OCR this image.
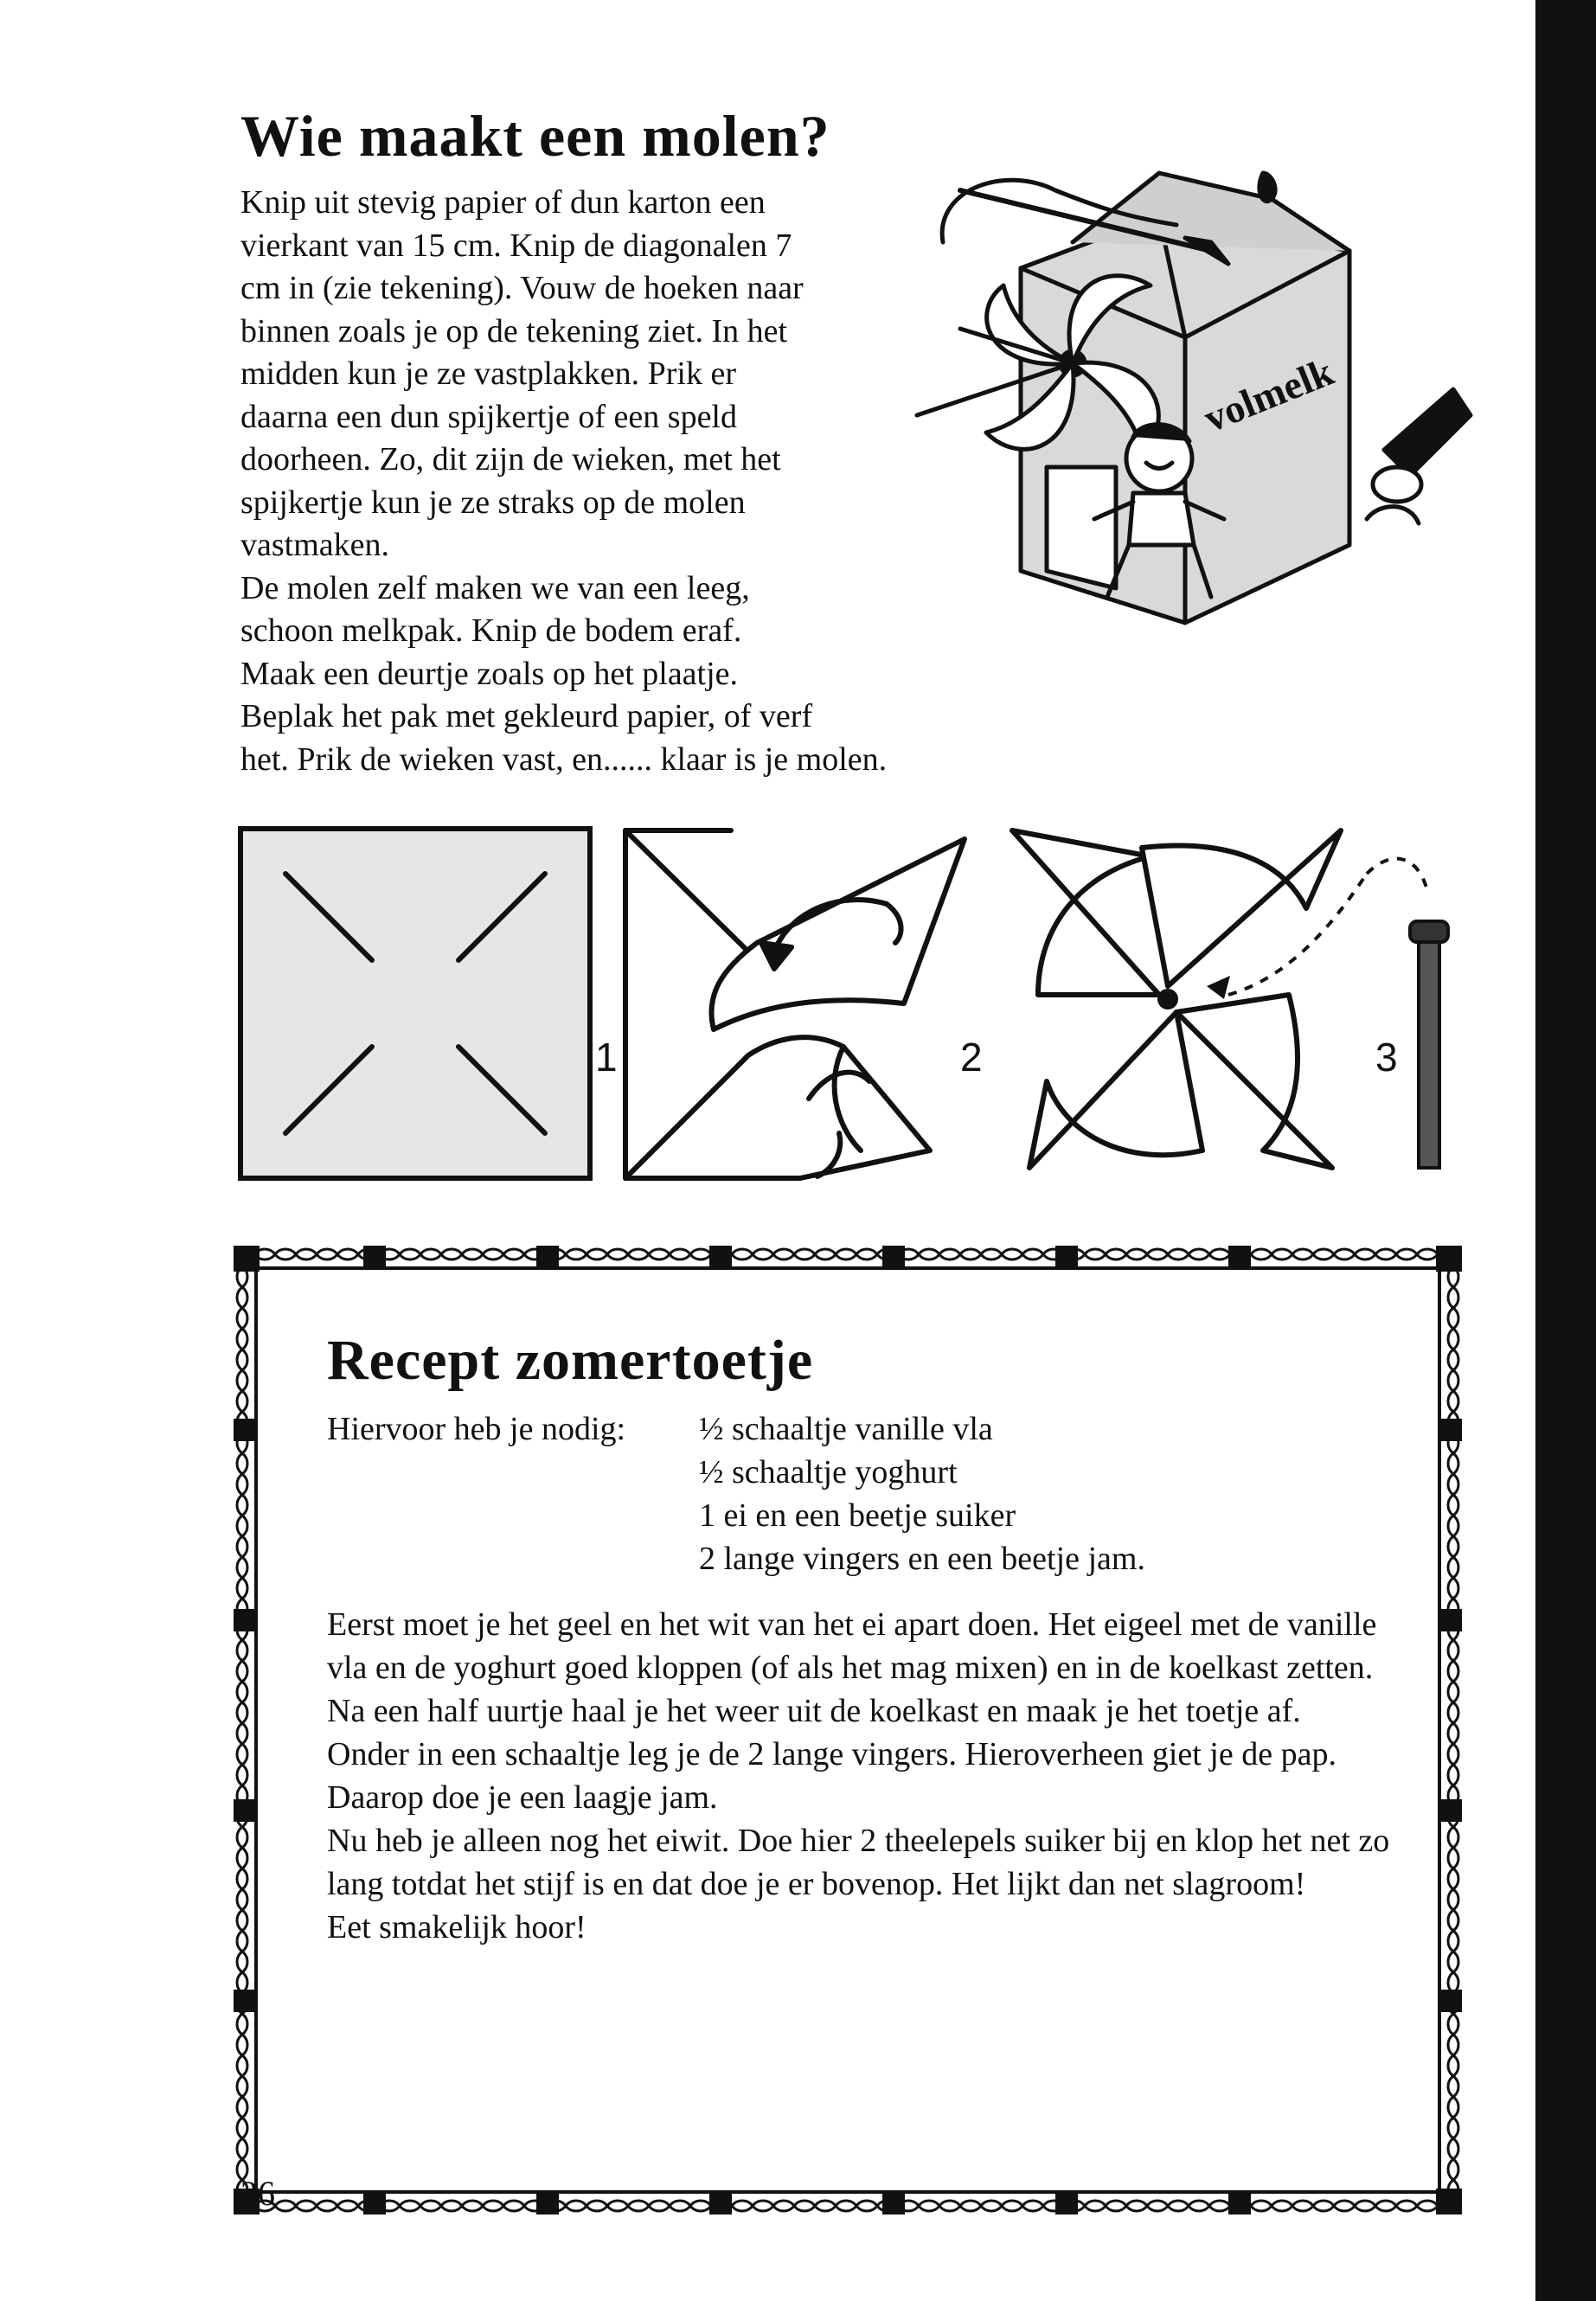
Wie maakt een molen?

Knip uit stevig papier of dun karton een
vierkant van 15 cm. Knip de diagonalen 7
cm in (zie tekening). Vouw de hoeken naar
binnen zoals je op de tekening ziet. In het
midden kun je ze vastplakken. Prik er
daarna een dun spijkertje of een speld
doorheen. Zo, dit zijn de wieken, met het
spijkertje kun je ze straks op de molen
vastmaken.

De molen zelf maken we van een leeg,
schoon melkpak. Knip de bodem eraf.
Maak een deurtje zoals op het plaatje.
Beplak het pak met gekleurd papier, of verf
het. Prik de wieken vast, en...... klaar is je molen.

volmelk
1	2	3
Recept zomertoetje
Hiervoor heb je nodig:	½ schaaltje vanille vla
½ schaaltje yoghurt
1 ei en een beetje suiker
2 lange vingers en een beetje jam.

Eerst moet je het geel en het wit van het ei apart doen. Het eigeel met de vanille vla en de yoghurt goed kloppen (of als het mag mixen) en in de koelkast zetten.

Na een half uurtje haal je het weer uit de koelkast en maak je het toetje af.

Onder in een schaaltje leg je de 2 lange vingers. Hieroverheen giet je de pap. Daarop doe je een laagje jam.

Nu heb je alleen nog het eiwit. Doe hier 2 theelepels suiker bij en klop het net zo lang totdat het stijf is en dat doe je er bovenop. Het lijkt dan net slagroom!

Eet smakelijk hoor!

26
